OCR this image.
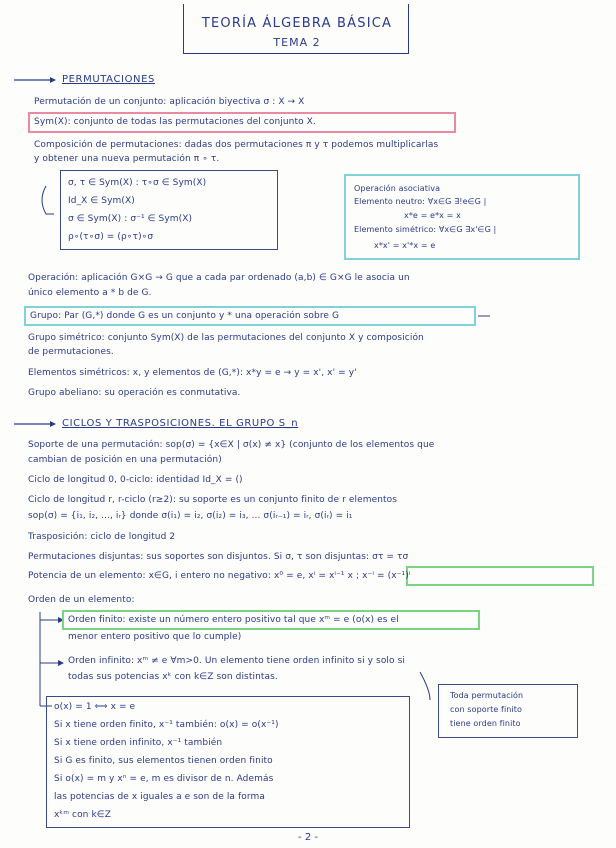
TEORÍA ÁLGEBRA BÁSICA
TEMA 2
PERMUTACIONES
Permutación de un conjunto: aplicación biyectiva σ : X → X
Sym(X): conjunto de todas las permutaciones del conjunto X.
Composición de permutaciones: dadas dos permutaciones π y τ podemos multiplicarlas
y obtener una nueva permutación π ∘ τ.
σ, τ ∈ Sym(X) : τ∘σ ∈ Sym(X)
Id_X ∈ Sym(X)
σ ∈ Sym(X) : σ⁻¹ ∈ Sym(X)
ρ∘(τ∘σ) = (ρ∘τ)∘σ
Operación asociativa
Elemento neutro: ∀x∈G ∃!e∈G |
x*e = e*x = x
Elemento simétrico: ∀x∈G ∃x'∈G |
x*x' = x'*x = e
Operación: aplicación G×G → G que a cada par ordenado (a,b) ∈ G×G le asocia un
único elemento a * b de G.
Grupo: Par (G,*) donde G es un conjunto y * una operación sobre G
Grupo simétrico: conjunto Sym(X) de las permutaciones del conjunto X y composición
de permutaciones.
Elementos simétricos: x, y elementos de (G,*): x*y = e → y = x', x' = y'
Grupo abeliano: su operación es conmutativa.
CICLOS Y TRASPOSICIONES. EL GRUPO S_n
Soporte de una permutación: sop(σ) = {x∈X | σ(x) ≠ x} (conjunto de los elementos que
cambian de posición en una permutación)
Ciclo de longitud 0, 0-ciclo: identidad Id_X = ()
Ciclo de longitud r, r-ciclo (r≥2): su soporte es un conjunto finito de r elementos
sop(σ) = {i₁, i₂, ..., iᵣ} donde σ(i₁) = i₂, σ(i₂) = i₃, ... σ(iᵣ₋₁) = iᵣ, σ(iᵣ) = i₁
Trasposición: ciclo de longitud 2
Permutaciones disjuntas: sus soportes son disjuntos. Si σ, τ son disjuntas: στ = τσ
Potencia de un elemento: x∈G, i entero no negativo: x⁰ = e, xⁱ = xⁱ⁻¹ x ; x⁻ⁱ = (x⁻¹)ⁱ
Orden de un elemento:
Orden finito: existe un número entero positivo tal que xᵐ = e (o(x) es el
menor entero positivo que lo cumple)
Orden infinito: xᵐ ≠ e ∀m>0. Un elemento tiene orden infinito si y solo si
todas sus potencias xᵏ con k∈Z son distintas.
Toda permutación
con soporte finito
tiene orden finito
o(x) = 1 ⟺ x = e
Si x tiene orden finito, x⁻¹ también: o(x) = o(x⁻¹)
Si x tiene orden infinito, x⁻¹ también
Si G es finito, sus elementos tienen orden finito
Si o(x) = m y xⁿ = e, m es divisor de n. Además
las potencias de x iguales a e son de la forma
xᵏᵐ con k∈Z
- 2 -
